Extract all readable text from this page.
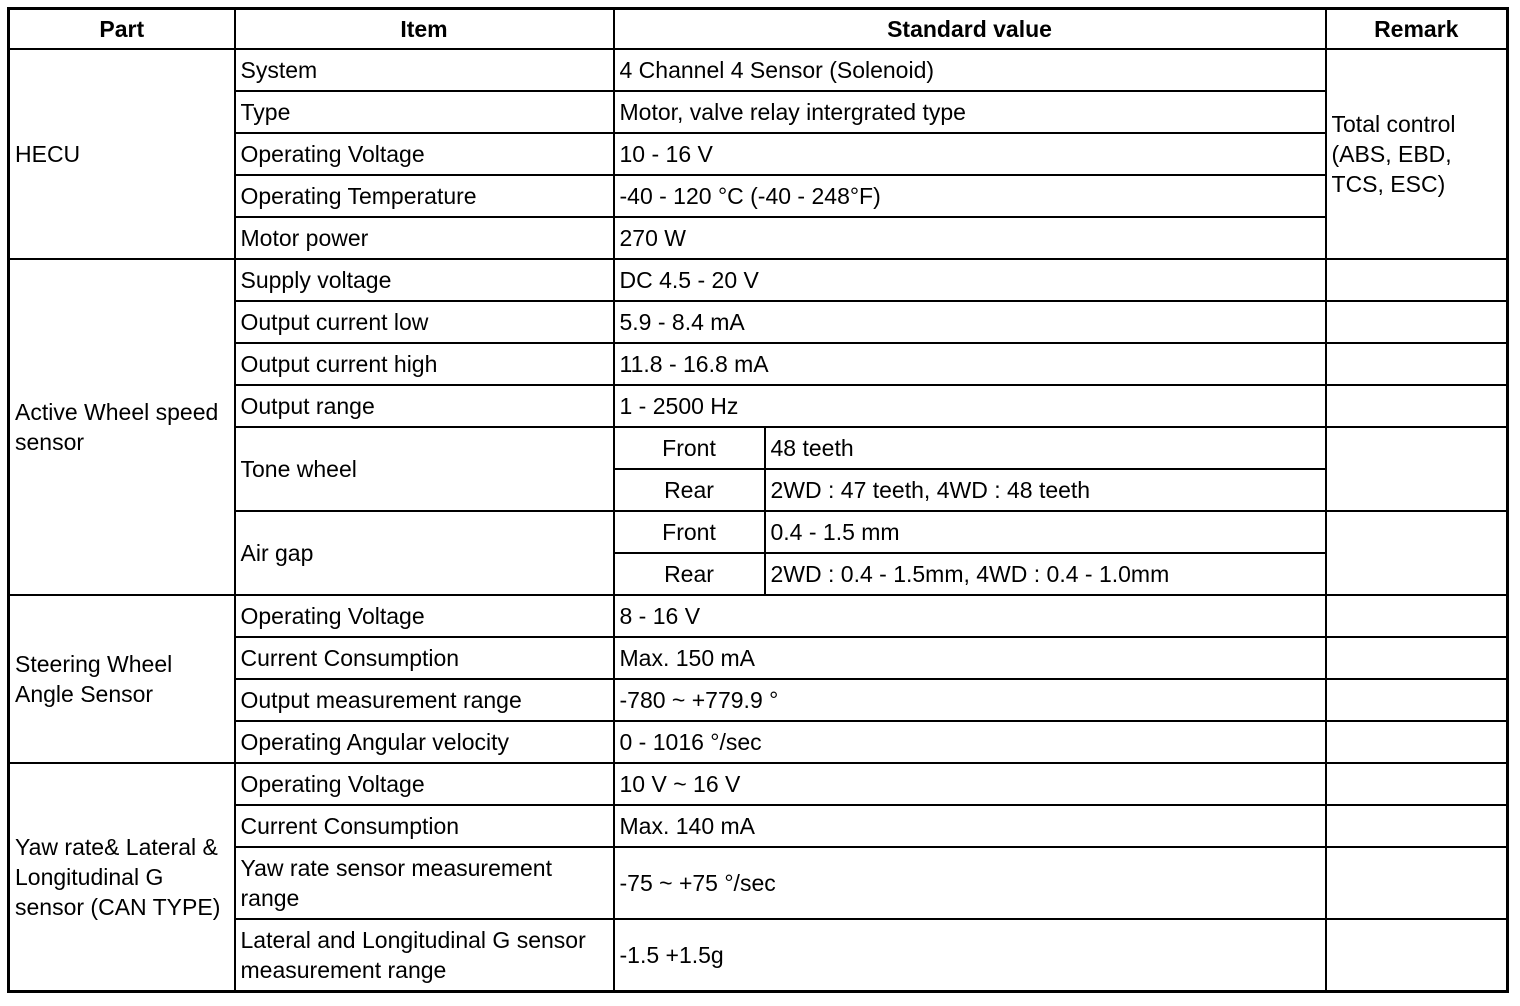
Part	Item	Standard value		Remark
HECU	System	4 Channel 4 Sensor (Solenoid)		Total control (ABS, EBD, TCS, ESC)
	Type	Motor, valve relay intergrated type		
	Operating Voltage	10 - 16 V		
	Operating Temperature	-40 - 120 °C (-40 - 248°F)		
	Motor power	270 W		
Active Wheel speed sensor	Supply voltage	DC 4.5 - 20 V		
	Output current low	5.9 - 8.4 mA		
	Output current high	11.8 - 16.8 mA		
	Output range	1 - 2500 Hz		
	Tone wheel	Front	48 teeth	
		Rear	2WD : 47 teeth, 4WD : 48 teeth	
	Air gap	Front	0.4 - 1.5 mm	
		Rear	2WD : 0.4 - 1.5mm, 4WD : 0.4 - 1.0mm	
Steering Wheel Angle Sensor	Operating Voltage	8 - 16 V		
	Current Consumption	Max. 150 mA		
	Output measurement range	-780 ~ +779.9 °		
	Operating Angular velocity	0 - 1016 °/sec		
Yaw rate& Lateral & Longitudinal G sensor (CAN TYPE)	Operating Voltage	10 V ~ 16 V		
	Current Consumption	Max. 140 mA		
	Yaw rate sensor measurement range	-75 ~ +75 °/sec		
	Lateral and Longitudinal G sensor measurement range	-1.5 +1.5g		
